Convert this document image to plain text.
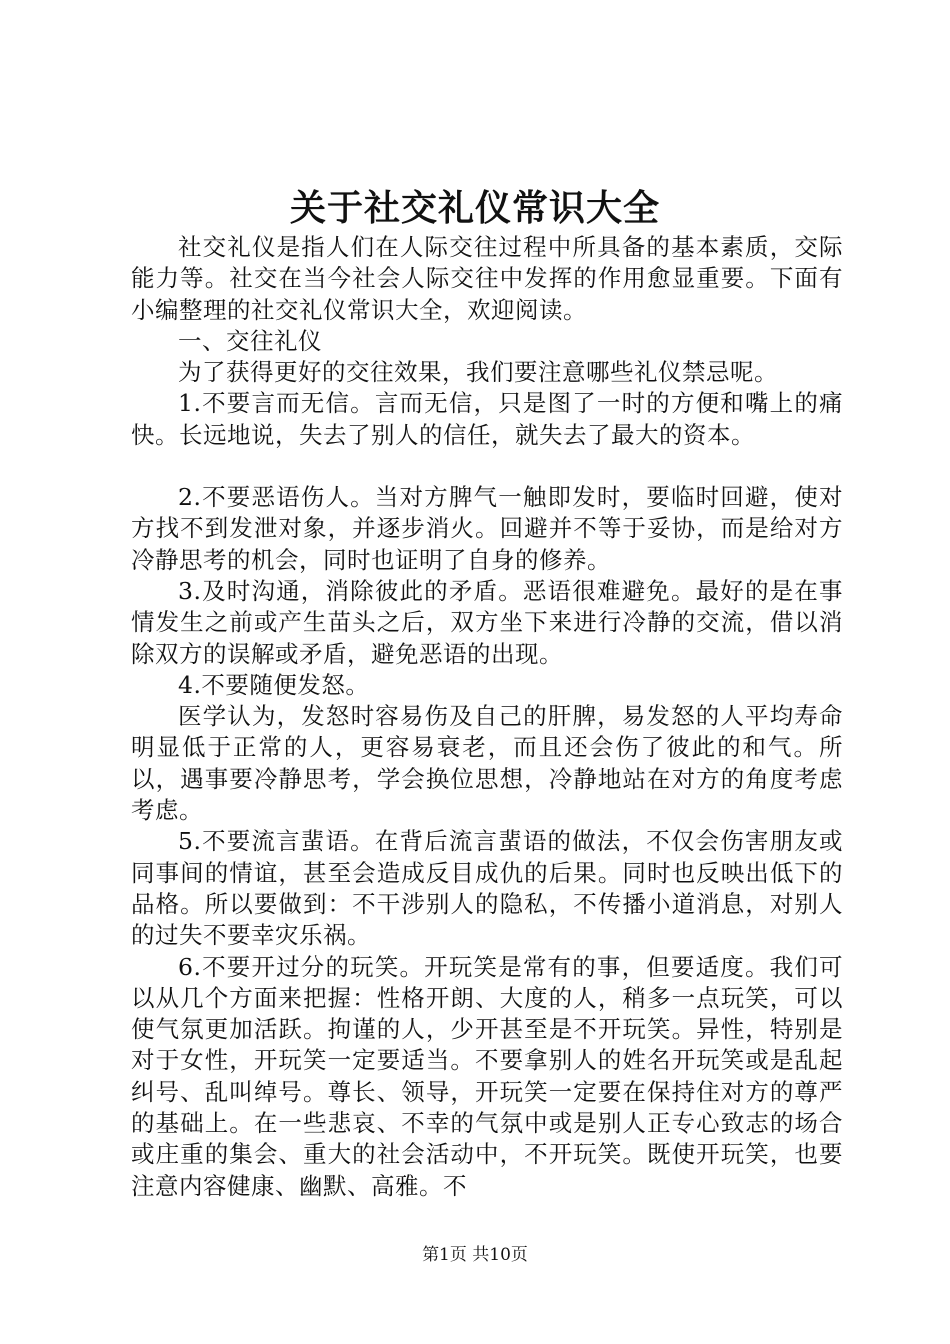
关于社交礼仪常识大全

社交礼仪是指人们在人际交往过程中所具备的基本素质，交际能力等。社交在当今社会人际交往中发挥的作用愈显重要。下面有小编整理的社交礼仪常识大全，欢迎阅读。

一、交往礼仪

为了获得更好的交往效果，我们要注意哪些礼仪禁忌呢。

1.不要言而无信。言而无信，只是图了一时的方便和嘴上的痛快。长远地说，失去了别人的信任，就失去了最大的资本。

2.不要恶语伤人。当对方脾气一触即发时，要临时回避，使对方找不到发泄对象，并逐步消火。回避并不等于妥协，而是给对方冷静思考的机会，同时也证明了自身的修养。

3.及时沟通，消除彼此的矛盾。恶语很难避免。最好的是在事情发生之前或产生苗头之后，双方坐下来进行冷静的交流，借以消除双方的误解或矛盾，避免恶语的出现。

4.不要随便发怒。

医学认为，发怒时容易伤及自己的肝脾，易发怒的人平均寿命明显低于正常的人，更容易衰老，而且还会伤了彼此的和气。所以，遇事要冷静思考，学会换位思想，冷静地站在对方的角度考虑考虑。

5.不要流言蜚语。在背后流言蜚语的做法，不仅会伤害朋友或同事间的情谊，甚至会造成反目成仇的后果。同时也反映出低下的品格。所以要做到：不干涉别人的隐私，不传播小道消息，对别人的过失不要幸灾乐祸。

6.不要开过分的玩笑。开玩笑是常有的事，但要适度。我们可以从几个方面来把握：性格开朗、大度的人，稍多一点玩笑，可以使气氛更加活跃。拘谨的人，少开甚至是不开玩笑。异性，特别是对于女性，开玩笑一定要适当。不要拿别人的姓名开玩笑或是乱起纠号、乱叫绰号。尊长、领导，开玩笑一定要在保持住对方的尊严的基础上。在一些悲哀、不幸的气氛中或是别人正专心致志的场合或庄重的集会、重大的社会活动中，不开玩笑。既使开玩笑，也要注意内容健康、幽默、高雅。不

第1页 共10页
